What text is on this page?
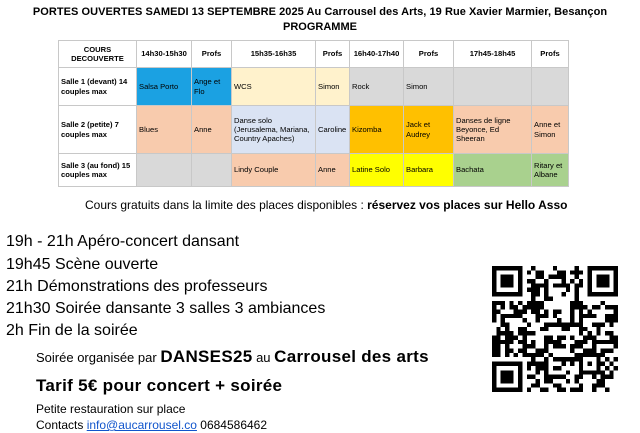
PORTES OUVERTES SAMEDI 13 SEPTEMBRE 2025 Au Carrousel des Arts, 19 Rue Xavier Marmier, Besançon
PROGRAMME
COURS DECOUVERTE	14h30-15h30	Profs	15h35-16h35	Profs	16h40-17h40	Profs	17h45-18h45	Profs
Salle 1 (devant) 14 couples max	Salsa Porto	Ange et Flo	WCS	Simon	Rock	Simon		
Salle 2 (petite) 7 couples max	Blues	Anne	Danse solo (Jerusalema, Mariana, Country Apaches)	Caroline	Kizomba	Jack et Audrey	Danses de ligne Beyonce, Ed Sheeran	Anne et Simon
Salle 3 (au fond) 15 couples max			Lindy Couple	Anne	Latine Solo	Barbara	Bachata	Ritary et Albane
Cours gratuits dans la limite des places disponibles : réservez vos places sur Hello Asso
19h - 21h Apéro-concert dansant
19h45 Scène ouverte
21h Démonstrations des professeurs
21h30 Soirée dansante 3 salles 3 ambiances
2h Fin de la soirée
Soirée organisée par DANSES25 au Carrousel des arts
Tarif 5€ pour concert + soirée
Petite restauration sur place
Contacts info@aucarrousel.co 0684586462
